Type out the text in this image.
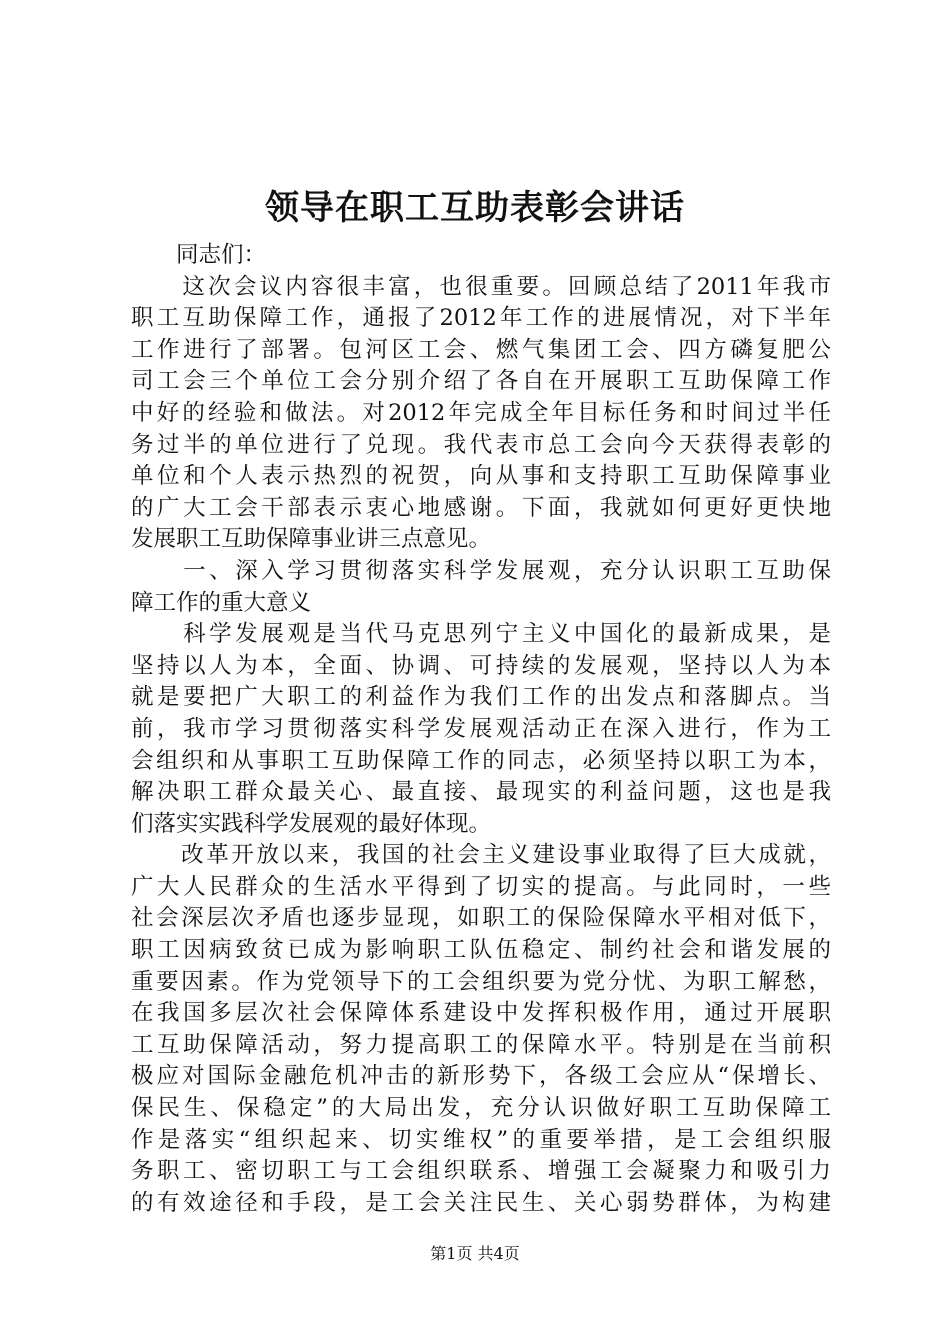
领导在职工互助表彰会讲话
　　同志们：
　　这次会议内容很丰富，也很重要。回顾总结了2011年我市
职工互助保障工作，通报了2012年工作的进展情况，对下半年
工作进行了部署。包河区工会、燃气集团工会、四方磷复肥公
司工会三个单位工会分别介绍了各自在开展职工互助保障工作
中好的经验和做法。对2012年完成全年目标任务和时间过半任
务过半的单位进行了兑现。我代表市总工会向今天获得表彰的
单位和个人表示热烈的祝贺，向从事和支持职工互助保障事业
的广大工会干部表示衷心地感谢。下面，我就如何更好更快地
发展职工互助保障事业讲三点意见。
　　一、深入学习贯彻落实科学发展观，充分认识职工互助保
障工作的重大意义
　　科学发展观是当代马克思列宁主义中国化的最新成果，是
坚持以人为本，全面、协调、可持续的发展观，坚持以人为本
就是要把广大职工的利益作为我们工作的出发点和落脚点。当
前，我市学习贯彻落实科学发展观活动正在深入进行，作为工
会组织和从事职工互助保障工作的同志，必须坚持以职工为本，
解决职工群众最关心、最直接、最现实的利益问题，这也是我
们落实实践科学发展观的最好体现。
　　改革开放以来，我国的社会主义建设事业取得了巨大成就，
广大人民群众的生活水平得到了切实的提高。与此同时，一些
社会深层次矛盾也逐步显现，如职工的保险保障水平相对低下，
职工因病致贫已成为影响职工队伍稳定、制约社会和谐发展的
重要因素。作为党领导下的工会组织要为党分忧、为职工解愁，
在我国多层次社会保障体系建设中发挥积极作用，通过开展职
工互助保障活动，努力提高职工的保障水平。特别是在当前积
极应对国际金融危机冲击的新形势下，各级工会应从“保增长、
保民生、保稳定”的大局出发，充分认识做好职工互助保障工
作是落实“组织起来、切实维权”的重要举措，是工会组织服
务职工、密切职工与工会组织联系、增强工会凝聚力和吸引力
的有效途径和手段，是工会关注民生、关心弱势群体，为构建
第1页 共4页
